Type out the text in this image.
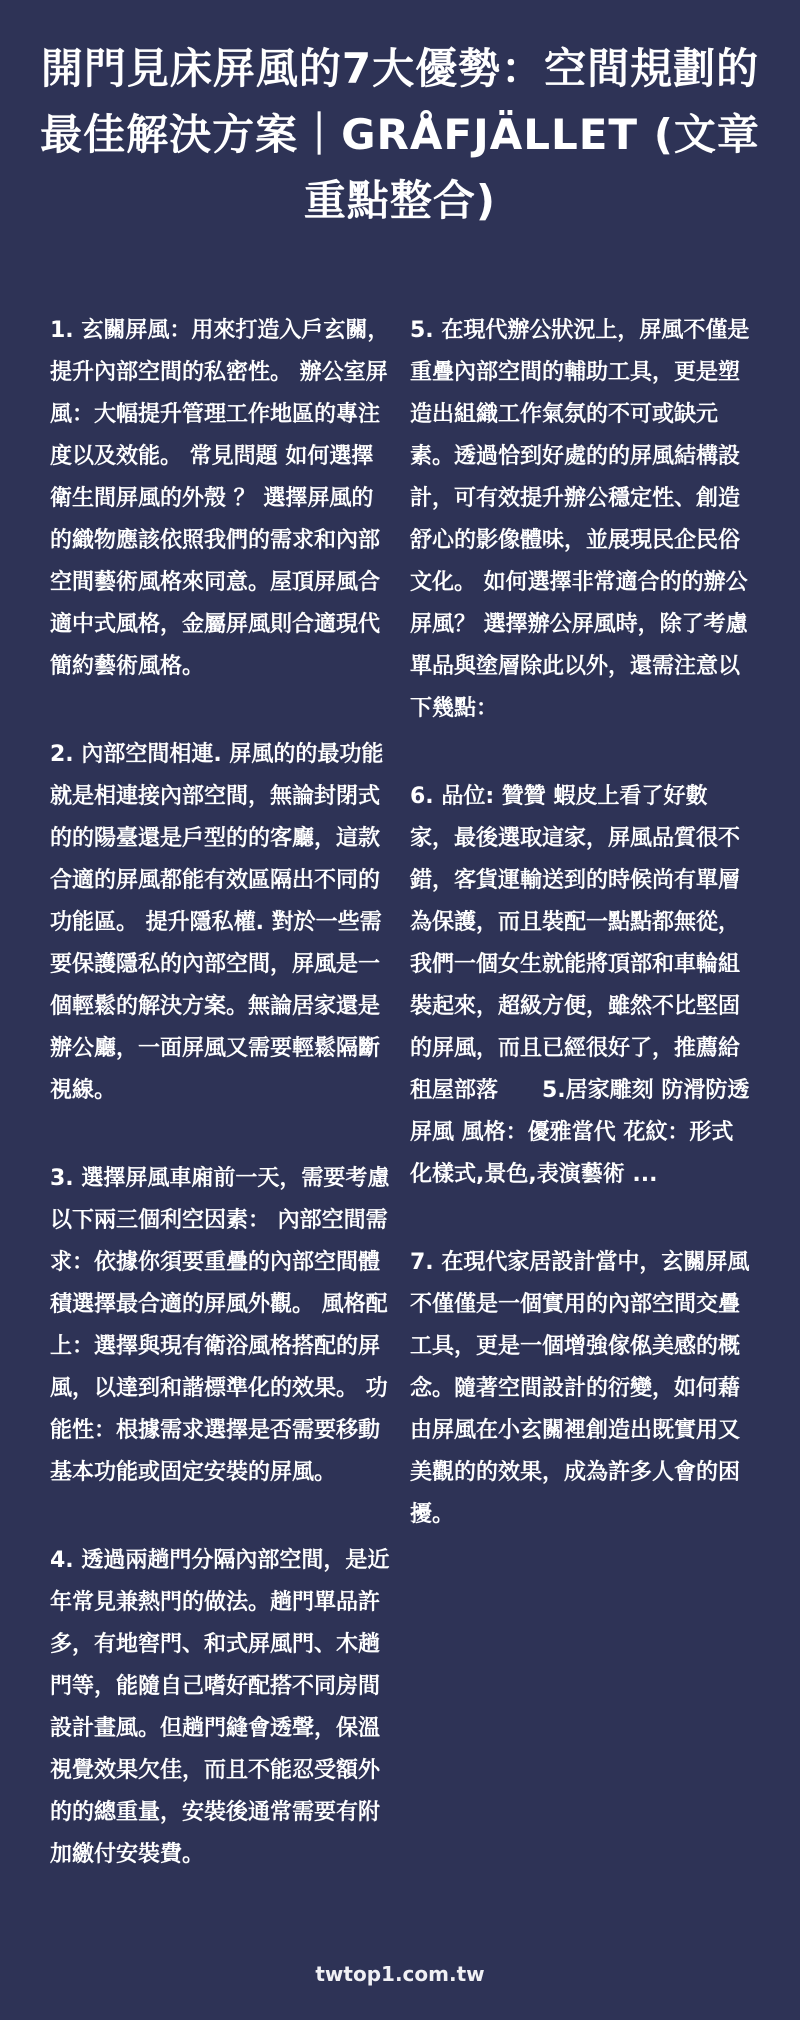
開門見床屏風的7大優勢：空間規劃的最佳解決方案｜GRÅFJÄLLET (文章重點整合)

1. 玄關屏風：用來打造入戶玄關，提升內部空間的私密性。 辦公室屏風：大幅提升管理工作地區的專注度以及效能。 常見問題 如何選擇衛生間屏風的外殼 ？ 選擇屏風的的織物應該依照我們的需求和內部空間藝術風格來同意。屋頂屏風合適中式風格，金屬屏風則合適現代簡約藝術風格。

2. 內部空間相連. 屏風的的最功能就是相連接內部空間，無論封閉式的的陽臺還是戶型的的客廳，這款合適的屏風都能有效區隔出不同的功能區。 提升隱私權. 對於一些需要保護隱私的內部空間，屏風是一個輕鬆的解決方案。無論居家還是辦公廳，一面屏風又需要輕鬆隔斷視線。

3. 選擇屏風車廂前一天，需要考慮以下兩三個利空因素： 內部空間需求：依據你須要重疊的內部空間體積選擇最合適的屏風外觀。 風格配上：選擇與現有衛浴風格搭配的屏風，以達到和諧標準化的效果。 功能性：根據需求選擇是否需要移動基本功能或固定安裝的屏風。

4. 透過兩趟門分隔內部空間，是近年常見兼熱門的做法。趟門單品許多，有地窖門、和式屏風門、木趟門等，能隨自己嗜好配搭不同房間設計畫風。但趟門縫會透聲，保溫視覺效果欠佳，而且不能忍受額外的的總重量，安裝後通常需要有附加繳付安裝費。

5. 在現代辦公狀況上，屏風不僅是重疊內部空間的輔助工具，更是塑造出組織工作氣氛的不可或缺元素。透過恰到好處的的屏風結構設計，可有效提升辦公穩定性、創造舒心的影像體味，並展現民企民俗文化。 如何選擇非常適合的的辦公屏風？ 選擇辦公屏風時，除了考慮單品與塗層除此以外，還需注意以下幾點：

6. 品位: 贊贊 蝦皮上看了好數家，最後選取這家，屏風品質很不錯，客貨運輸送到的時候尚有單層為保護，而且裝配一點點都無從，我們一個女生就能將頂部和車輪組裝起來，超級方便，雖然不比堅固的屏風，而且已經很好了，推薦給租屋部落　　5.居家雕刻 防滑防透 屏風 風格：優雅當代 花紋：形式化樣式,景色,表演藝術 ...

7. 在現代家居設計當中，玄關屏風不僅僅是一個實用的內部空間交疊工具，更是一個增強傢俬美感的概念。隨著空間設計的衍變，如何藉由屏風在小玄關裡創造出既實用又美觀的的效果，成為許多人會的困擾。

twtop1.com.tw
